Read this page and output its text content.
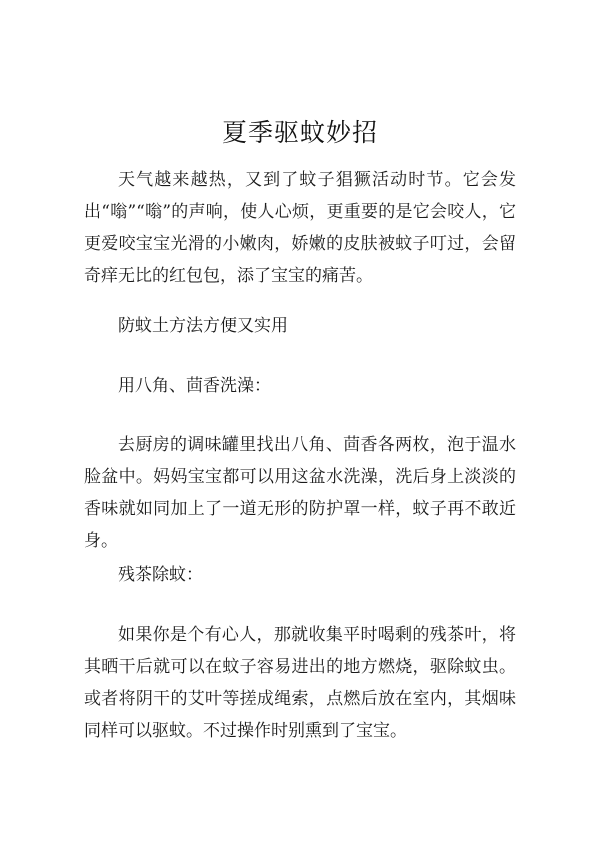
夏季驱蚊妙招

天气越来越热，又到了蚊子猖獗活动时节。它会发出“嗡”“嗡”的声响，使人心烦，更重要的是它会咬人，它更爱咬宝宝光滑的小嫩肉，娇嫩的皮肤被蚊子叮过，会留奇痒无比的红包包，添了宝宝的痛苦。

防蚊土方法方便又实用

用八角、茴香洗澡：

去厨房的调味罐里找出八角、茴香各两枚，泡于温水脸盆中。妈妈宝宝都可以用这盆水洗澡，洗后身上淡淡的香味就如同加上了一道无形的防护罩一样，蚊子再不敢近身。

残茶除蚊：

如果你是个有心人，那就收集平时喝剩的残茶叶，将其晒干后就可以在蚊子容易进出的地方燃烧，驱除蚊虫。或者将阴干的艾叶等搓成绳索，点燃后放在室内，其烟味同样可以驱蚊。不过操作时别熏到了宝宝。
